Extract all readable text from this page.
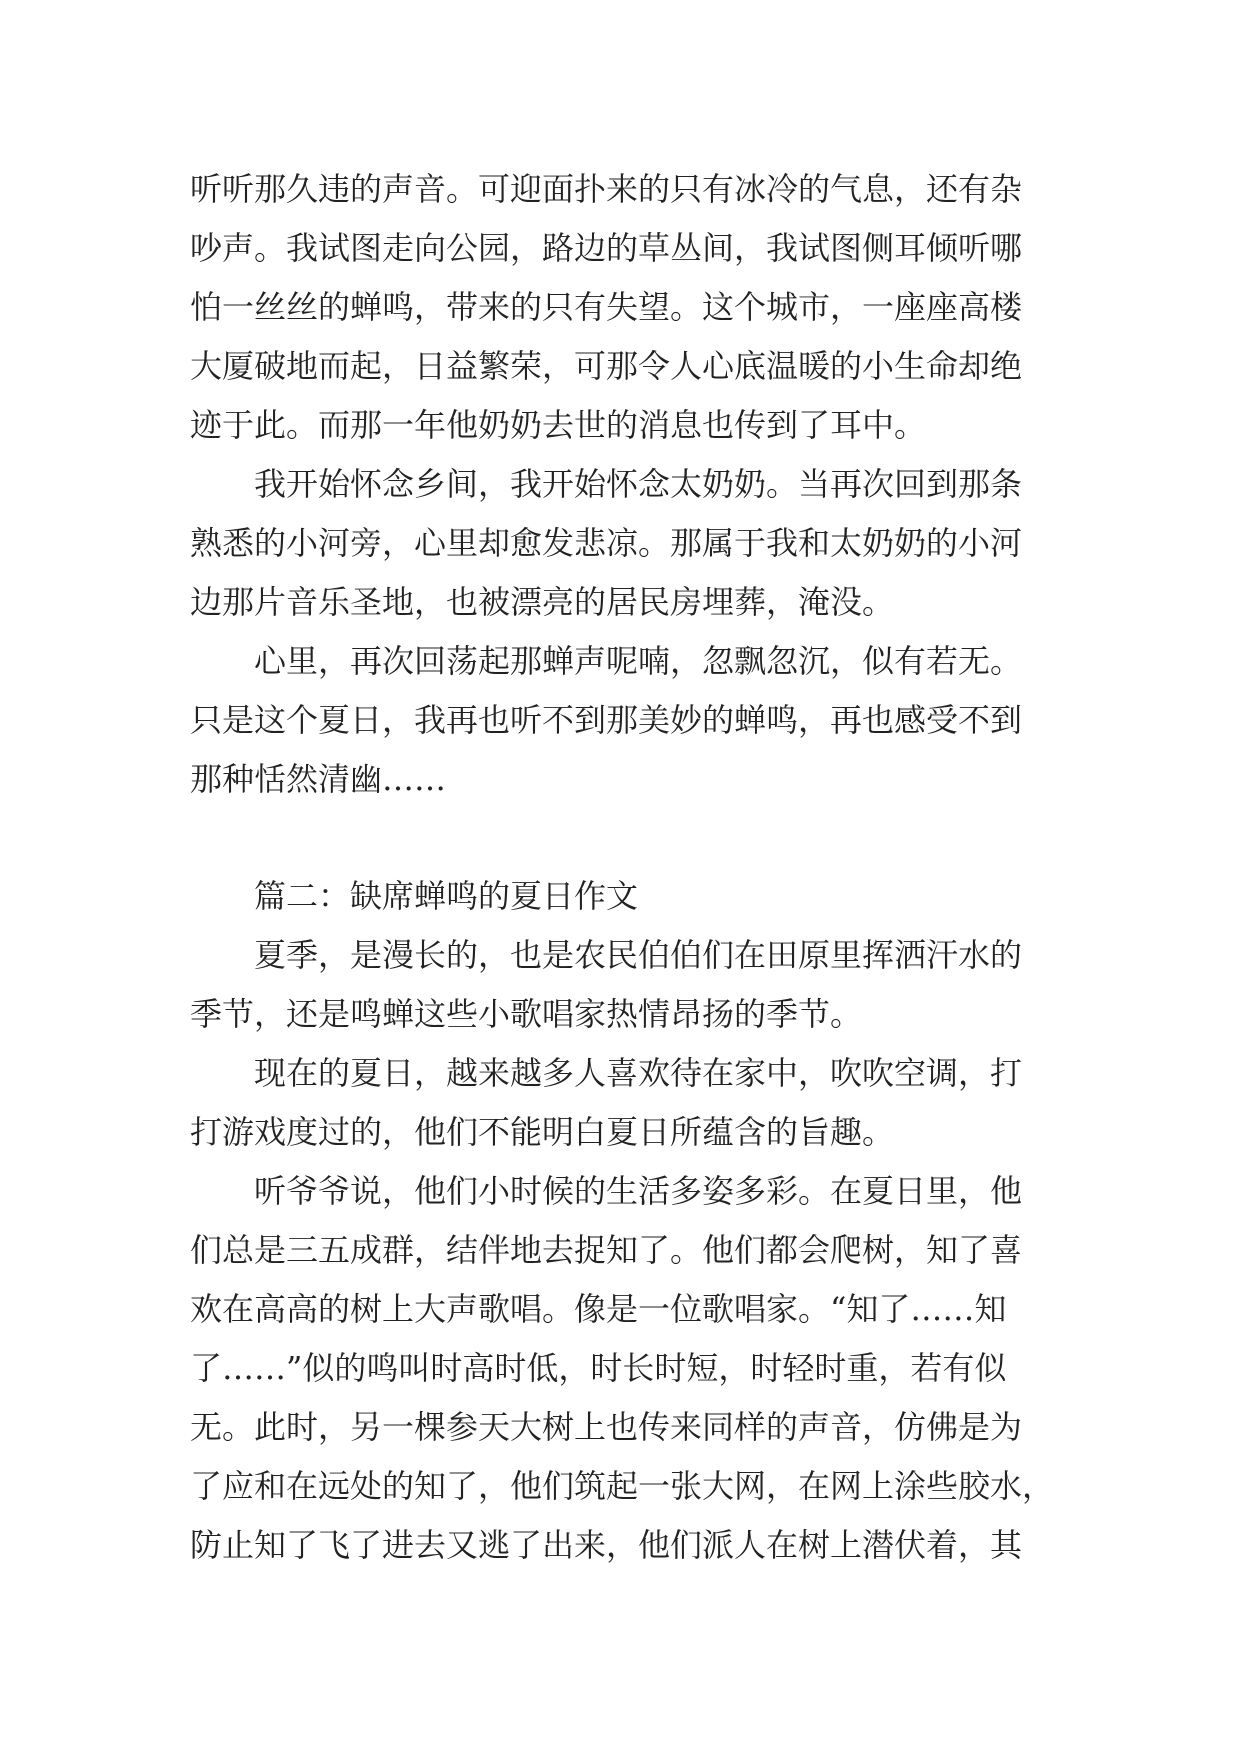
听听那久违的声音。可迎面扑来的只有冰冷的气息，还有杂
吵声。我试图走向公园，路边的草丛间，我试图侧耳倾听哪
怕一丝丝的蝉鸣，带来的只有失望。这个城市，一座座高楼
大厦破地而起，日益繁荣，可那令人心底温暖的小生命却绝
迹于此。而那一年他奶奶去世的消息也传到了耳中。
我开始怀念乡间，我开始怀念太奶奶。当再次回到那条
熟悉的小河旁，心里却愈发悲凉。那属于我和太奶奶的小河
边那片音乐圣地，也被漂亮的居民房埋葬，淹没。
心里，再次回荡起那蝉声呢喃，忽飘忽沉，似有若无。
只是这个夏日，我再也听不到那美妙的蝉鸣，再也感受不到
那种恬然清幽……
篇二：缺席蝉鸣的夏日作文
夏季，是漫长的，也是农民伯伯们在田原里挥洒汗水的
季节，还是鸣蝉这些小歌唱家热情昂扬的季节。
现在的夏日，越来越多人喜欢待在家中，吹吹空调，打
打游戏度过的，他们不能明白夏日所蕴含的旨趣。
听爷爷说，他们小时候的生活多姿多彩。在夏日里，他
们总是三五成群，结伴地去捉知了。他们都会爬树，知了喜
欢在高高的树上大声歌唱。像是一位歌唱家。“知了……知
了……”似的鸣叫时高时低，时长时短，时轻时重，若有似
无。此时，另一棵参天大树上也传来同样的声音，仿佛是为
了应和在远处的知了，他们筑起一张大网，在网上涂些胶水，
防止知了飞了进去又逃了出来，他们派人在树上潜伏着，其
